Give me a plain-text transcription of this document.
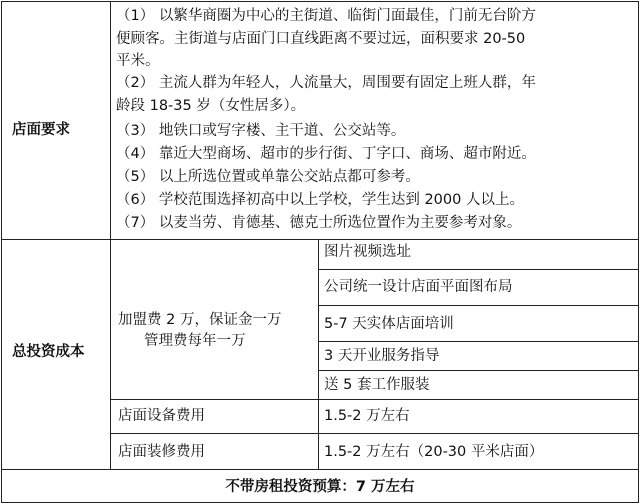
店面要求
（1） 以繁华商圈为中心的主街道、临街门面最佳，门前无台阶方
便顾客。主街道与店面门口直线距离不要过远，面积要求 20-50
平米。
（2） 主流人群为年轻人，人流量大，周围要有固定上班人群，年
龄段 18-35 岁（女性居多）。
（3） 地铁口或写字楼、主干道、公交站等。
（4） 靠近大型商场、超市的步行街、丁字口、商场、超市附近。
（5） 以上所选位置或单靠公交站点都可参考。
（6） 学校范围选择初高中以上学校，学生达到 2000 人以上。
（7） 以麦当劳、肯德基、德克士所选位置作为主要参考对象。
总投资成本
加盟费 2 万，保证金一万
管理费每年一万
图片视频选址
公司统一设计店面平面图布局
5-7 天实体店面培训
3 天开业服务指导
送 5 套工作服装
店面设备费用	1.5-2 万左右
店面装修费用	1.5-2 万左右（20-30 平米店面）
不带房租投资预算：7 万左右
